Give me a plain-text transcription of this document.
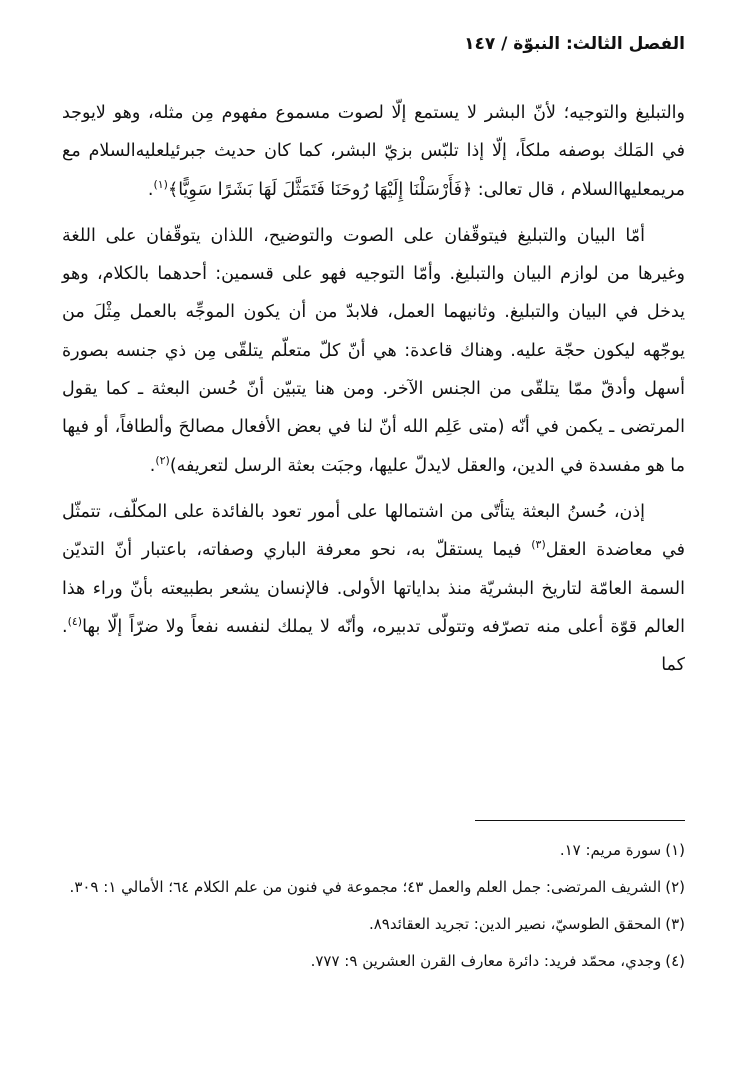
الفصل الثالث: النبوّة / ١٤٧

والتبليغ والتوجيه؛ لأنّ البشر لا يستمع إلّا لصوت مسموع مفهوم مِن مثله، وهو لايوجد في المَلك بوصفه ملكاً، إلّا إذا تلبّس بزيّ البشر، كما كان حديث جبرئيلعليه‌السلام مع مريمعليها‌السلام ، قال تعالى: ﴿فَأَرْسَلْنَا إِلَيْهَا رُوحَنَا فَتَمَثَّلَ لَهَا بَشَرًا سَوِيًّا﴾$^{(١)}$.

أمّا البيان والتبليغ فيتوقّفان على الصوت والتوضيح، اللذان يتوقّفان على اللغة وغيرها من لوازم البيان والتبليغ. وأمّا التوجيه فهو على قسمين: أحدهما بالكلام، وهو يدخل في البيان والتبليغ. وثانيهما العمل، فلابدّ من أن يكون الموجِّه بالعمل مِثْلَ من يوجّهه ليكون حجّة عليه. وهناك قاعدة: هي أنّ كلّ متعلّم يتلقّى مِن ذي جنسه بصورة أسهل وأدقّ ممّا يتلقّى من الجنس الآخر. ومن هنا يتبيّن أنّ حُسن البعثة ـ كما يقول المرتضى ـ يكمن في أنّه (متى عَلِم الله أنّ لنا في بعض الأفعال مصالحَ وألطافاً، أو فيها ما هو مفسدة في الدين، والعقل لايدلّ عليها، وجبَت بعثة الرسل لتعريفه)$^{(٢)}$.

إذن، حُسنُ البعثة يتأتّى من اشتمالها على أمور تعود بالفائدة على المكلّف، تتمثّل في معاضدة العقل$^{(٣)}$ فيما يستقلّ به، نحو معرفة الباري وصفاته، باعتبار أنّ التديّن السمة العامّة لتاريخ البشريّة منذ بداياتها الأولى. فالإنسان يشعر بطبيعته بأنّ وراء هذا العالم قوّة أعلى منه تصرّفه وتتولّى تدبيره، وأنّه لا يملك لنفسه نفعاً ولا ضرّاً إلّا بها$^{(٤)}$. كما

(١)سورة مريم: ١٧.
(٢)الشريف المرتضى: جمل العلم والعمل ٤٣؛ مجموعة في فنون من علم الكلام ٦٤؛ الأمالي ١: ٣٠٩.
(٣)المحقق الطوسيّ، نصير الدين: تجريد العقائد٨٩.
(٤)وجدي، محمّد فريد: دائرة معارف القرن العشرين ٩: ٧٧٧.
